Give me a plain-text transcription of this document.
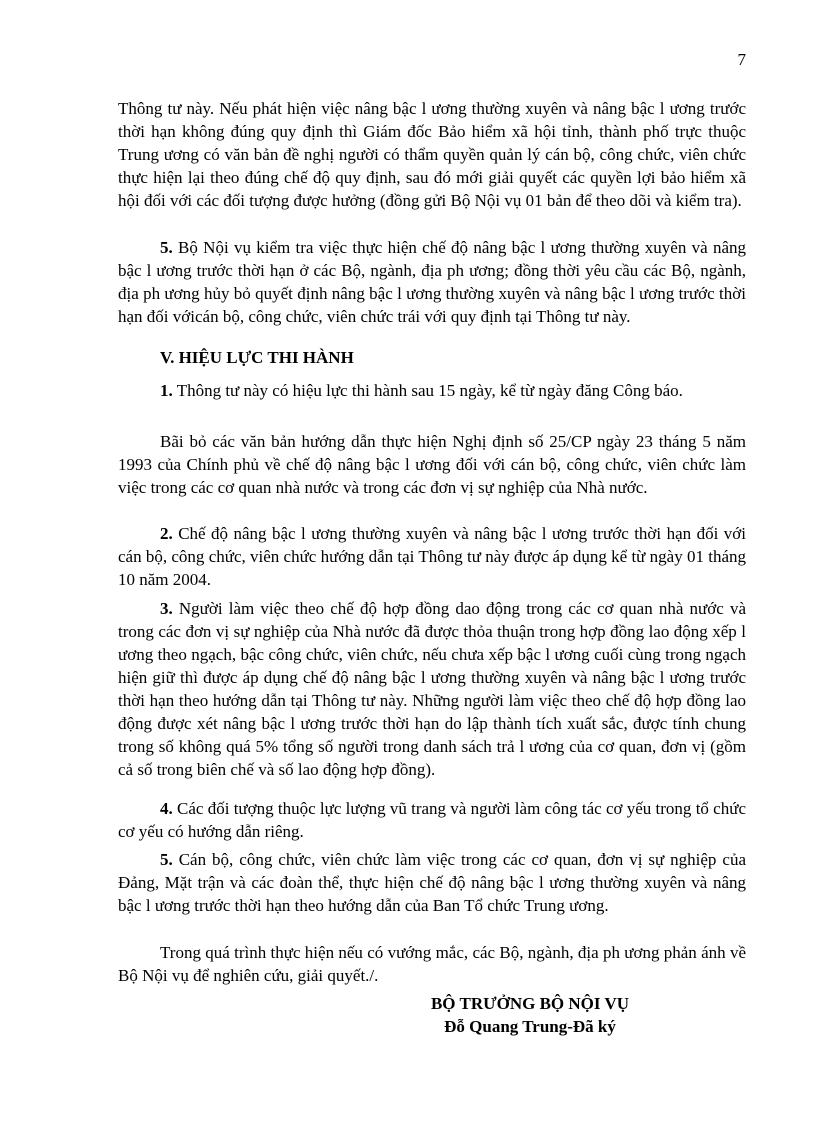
7

Thông tư này. Nếu phát hiện việc nâng bậc l ương thường xuyên và nâng bậc l ương trước thời hạn không đúng quy định thì Giám đốc Bảo hiểm xã hội tỉnh, thành phố trực thuộc Trung ương có văn bản đề nghị người có thẩm quyền quản lý cán bộ, công chức, viên chức thực hiện lại theo đúng chế độ quy định, sau đó mới giải quyết các quyền lợi bảo hiểm xã hội đối với các đối tượng được hưởng (đồng gửi Bộ Nội vụ 01 bản để theo dõi và kiểm tra).

5. Bộ Nội vụ kiểm tra việc thực hiện chế độ nâng bậc l ương thường xuyên và nâng bậc l ương trước thời hạn ở các Bộ, ngành, địa ph ương; đồng thời yêu cầu các Bộ, ngành, địa ph ương hủy bỏ quyết định nâng bậc l ương thường xuyên và nâng bậc l ương trước thời hạn đối vớicán bộ, công chức, viên chức trái với quy định tại Thông tư này.

V. HIỆU LỰC THI HÀNH

1. Thông tư này có hiệu lực thi hành sau 15 ngày, kể từ ngày đăng Công báo.

Bãi bỏ các văn bản hướng dẫn thực hiện Nghị định số 25/CP ngày 23 tháng 5 năm 1993 của Chính phủ về chế độ nâng bậc l ương đối với cán bộ, công chức, viên chức làm việc trong các cơ quan nhà nước và trong các đơn vị sự nghiệp của Nhà nước.

2. Chế độ nâng bậc l ương thường xuyên và nâng bậc l ương trước thời hạn đối với cán bộ, công chức, viên chức hướng dẫn tại Thông tư này được áp dụng kể từ ngày 01 tháng 10 năm 2004.

3. Người làm việc theo chế độ hợp đồng dao động trong các cơ quan nhà nước và trong các đơn vị sự nghiệp của Nhà nước đã được thỏa thuận trong hợp đồng lao động xếp l ương theo ngạch, bậc công chức, viên chức, nếu chưa xếp bậc l ương cuối cùng trong ngạch hiện giữ thì được áp dụng chế độ nâng bậc l ương thường xuyên và nâng bậc l ương trước thời hạn theo hướng dẫn tại Thông tư này. Những người làm việc theo chế độ hợp đồng lao động được xét nâng bậc l ương trước thời hạn do lập thành tích xuất sắc, được tính chung trong số không quá 5% tổng số người trong danh sách trả l ương của cơ quan, đơn vị (gồm cả số trong biên chế và số lao động hợp đồng).

4. Các đối tượng thuộc lực lượng vũ trang và người làm công tác cơ yếu trong tổ chức cơ yếu có hướng dẫn riêng.

5. Cán bộ, công chức, viên chức làm việc trong các cơ quan, đơn vị sự nghiệp của Đảng, Mặt trận và các đoàn thể, thực hiện chế độ nâng bậc l ương thường xuyên và nâng bậc l ương trước thời hạn theo hướng dẫn của Ban Tổ chức Trung ương.

Trong quá trình thực hiện nếu có vướng mắc, các Bộ, ngành, địa ph ương phản ánh về Bộ Nội vụ để nghiên cứu, giải quyết./.

BỘ TRƯỞNG BỘ NỘI VỤ
Đỗ Quang Trung-Đã ký
